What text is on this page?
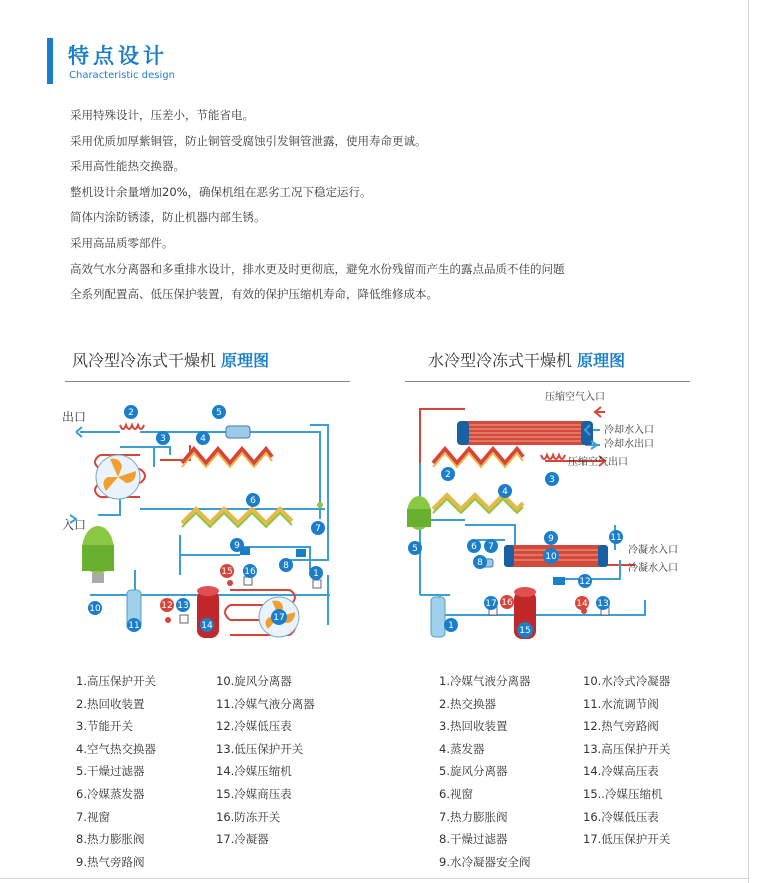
特点设计
Characteristic design
采用特殊设计，压差小，节能省电。
采用优质加厚紫铜管，防止铜管受腐蚀引发铜管泄露，使用寿命更诚。
采用高性能热交换器。
整机设计余量增加20%，确保机组在恶劣工况下稳定运行。
简体内涂防锈漆，防止机器内部生锈。
采用高品质零部件。
高效气水分离器和多重排水设计，排水更及时更彻底，避免水份残留而产生的露点品质不佳的问题
全系列配置高、低压保护装置，有效的保护压缩机寿命，降低维修成本。
风冷型冷冻式干燥机 原理图	水冷型冷冻式干燥机 原理图
出口
入口
2	5
3	4
6
7
9
8
1
15 16
10	12 13
11	14
17
压缩空气入口
压缩空气出口
冷却水入口
冷却水出口
冷凝水入口
冷凝水入口
2	3
4
5	6 7
8
9
10
11
12
13
14
15
16
17
1
1.高压保护开关
2.热回收装置
3.节能开关
4.空气热交换器
5.干燥过滤器
6.冷媒蒸发器
7.视窗
8.热力膨胀阀
9.热气旁路阀
10.旋风分离器
11.冷媒气液分离器
12.冷媒低压表
13.低压保护开关
14.冷媒压缩机
15.冷媒商压表
16.防冻开关
17.冷凝器
1.冷媒气液分离器
2.热交换器
3.热回收装置
4.蒸发器
5.旋风分离器
6.视窗
7.热力膨胀阀
8.干燥过滤器
9.水冷凝器安全阀
10.水冷式冷凝器
11.水流调节阀
12.热气旁路阀
13.高压保护开关
14.冷媒高压表
15..冷媒压缩机
16.冷媒低压表
17.低压保护开关
